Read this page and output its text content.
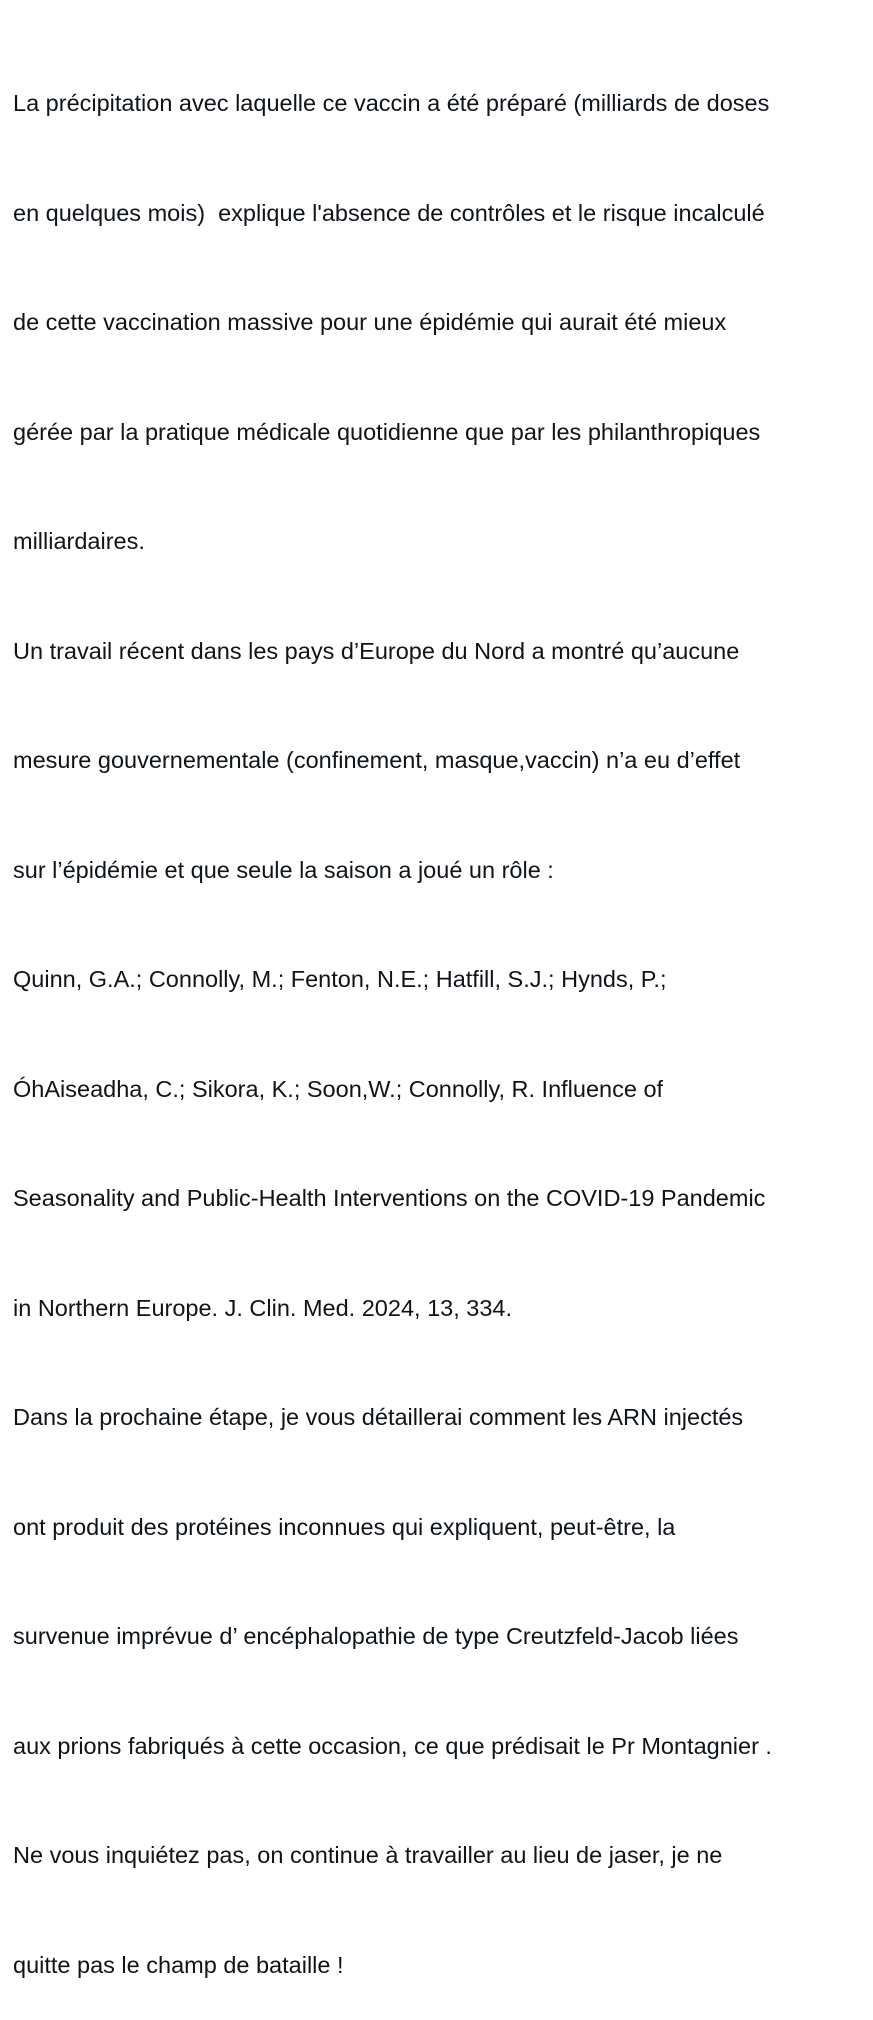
La précipitation avec laquelle ce vaccin a été préparé (milliards de doses

en quelques mois)  explique l'absence de contrôles et le risque incalculé

de cette vaccination massive pour une épidémie qui aurait été mieux

gérée par la pratique médicale quotidienne que par les philanthropiques

milliardaires.

Un travail récent dans les pays d’Europe du Nord a montré qu’aucune

mesure gouvernementale (confinement, masque,vaccin) n’a eu d’effet

sur l’épidémie et que seule la saison a joué un rôle :

Quinn, G.A.; Connolly, M.; Fenton, N.E.; Hatfill, S.J.; Hynds, P.;

ÓhAiseadha, C.; Sikora, K.; Soon,W.; Connolly, R. Influence of

Seasonality and Public-Health Interventions on the COVID-19 Pandemic

in Northern Europe. J. Clin. Med. 2024, 13, 334.

Dans la prochaine étape, je vous détaillerai comment les ARN injectés

ont produit des protéines inconnues qui expliquent, peut-être, la

survenue imprévue d’ encéphalopathie de type Creutzfeld-Jacob liées

aux prions fabriqués à cette occasion, ce que prédisait le Pr Montagnier .

Ne vous inquiétez pas, on continue à travailler au lieu de jaser, je ne

quitte pas le champ de bataille !
